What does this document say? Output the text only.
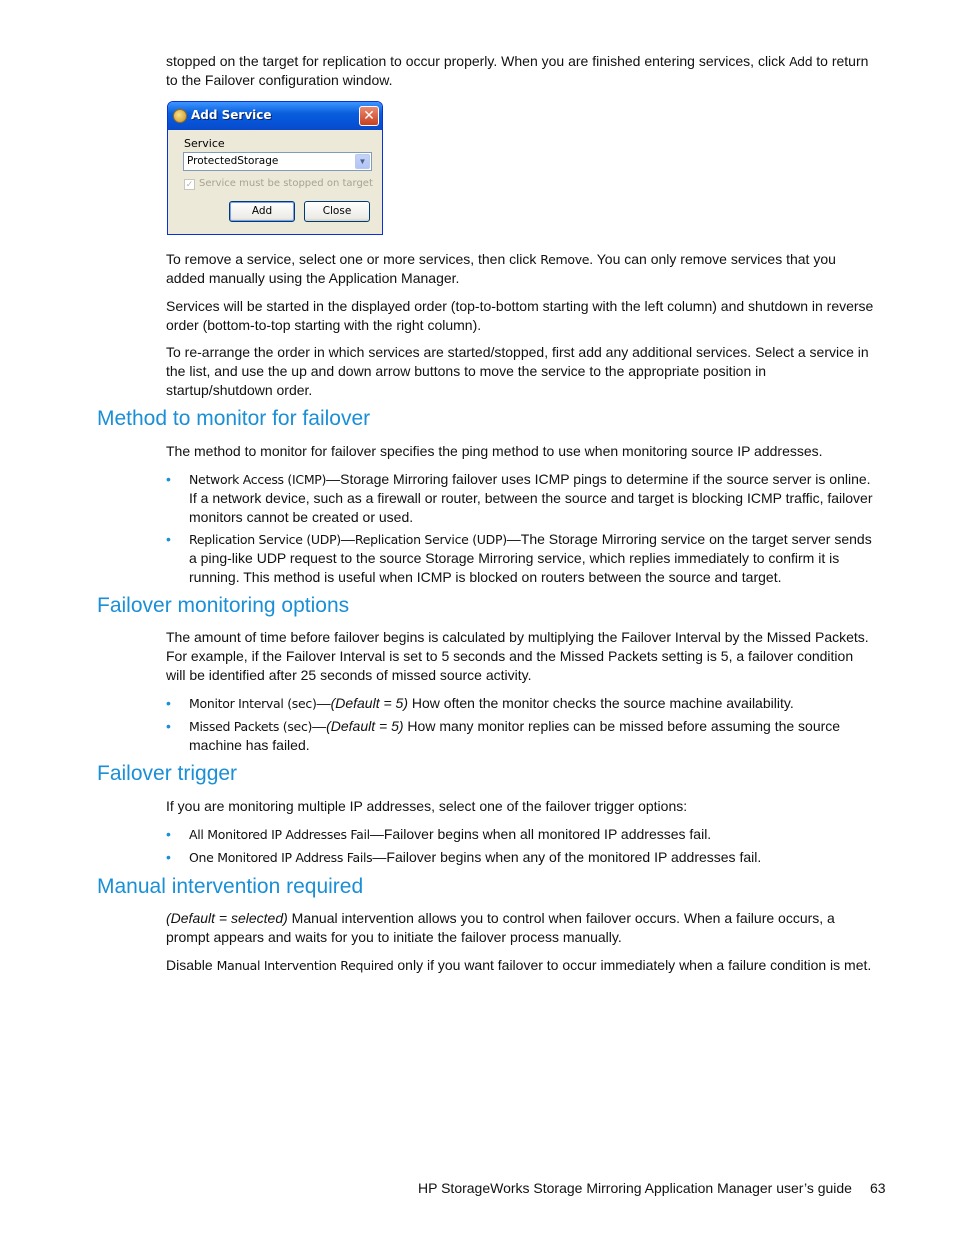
stopped on the target for replication to occur properly. When you are finished entering services, click Add to return to the Failover configuration window.

Add Service	✕
Service
ProtectedStorage	▼
✓ Service must be stopped on target
Add	Close

To remove a service, select one or more services, then click Remove. You can only remove services that you added manually using the Application Manager.

Services will be started in the displayed order (top-to-bottom starting with the left column) and shutdown in reverse order (bottom-to-top starting with the right column).

To re-arrange the order in which services are started/stopped, first add any additional services. Select a service in the list, and use the up and down arrow buttons to move the service to the appropriate position in startup/shutdown order.

Method to monitor for failover

The method to monitor for failover specifies the ping method to use when monitoring source IP addresses.

• Network Access (ICMP)—Storage Mirroring failover uses ICMP pings to determine if the source server is online. If a network device, such as a firewall or router, between the source and target is blocking ICMP traffic, failover monitors cannot be created or used.
• Replication Service (UDP)—Replication Service (UDP)—The Storage Mirroring service on the target server sends a ping-like UDP request to the source Storage Mirroring service, which replies immediately to confirm it is running. This method is useful when ICMP is blocked on routers between the source and target.
Failover monitoring options

The amount of time before failover begins is calculated by multiplying the Failover Interval by the Missed Packets. For example, if the Failover Interval is set to 5 seconds and the Missed Packets setting is 5, a failover condition will be identified after 25 seconds of missed source activity.

• Monitor Interval (sec)—(Default = 5) How often the monitor checks the source machine availability.
• Missed Packets (sec)—(Default = 5) How many monitor replies can be missed before assuming the source machine has failed.
Failover trigger

If you are monitoring multiple IP addresses, select one of the failover trigger options:

• All Monitored IP Addresses Fail—Failover begins when all monitored IP addresses fail.
• One Monitored IP Address Fails—Failover begins when any of the monitored IP addresses fail.
Manual intervention required

(Default = selected) Manual intervention allows you to control when failover occurs. When a failure occurs, a prompt appears and waits for you to initiate the failover process manually.

Disable Manual Intervention Required only if you want failover to occur immediately when a failure condition is met.

HP StorageWorks Storage Mirroring Application Manager user’s guide 63
